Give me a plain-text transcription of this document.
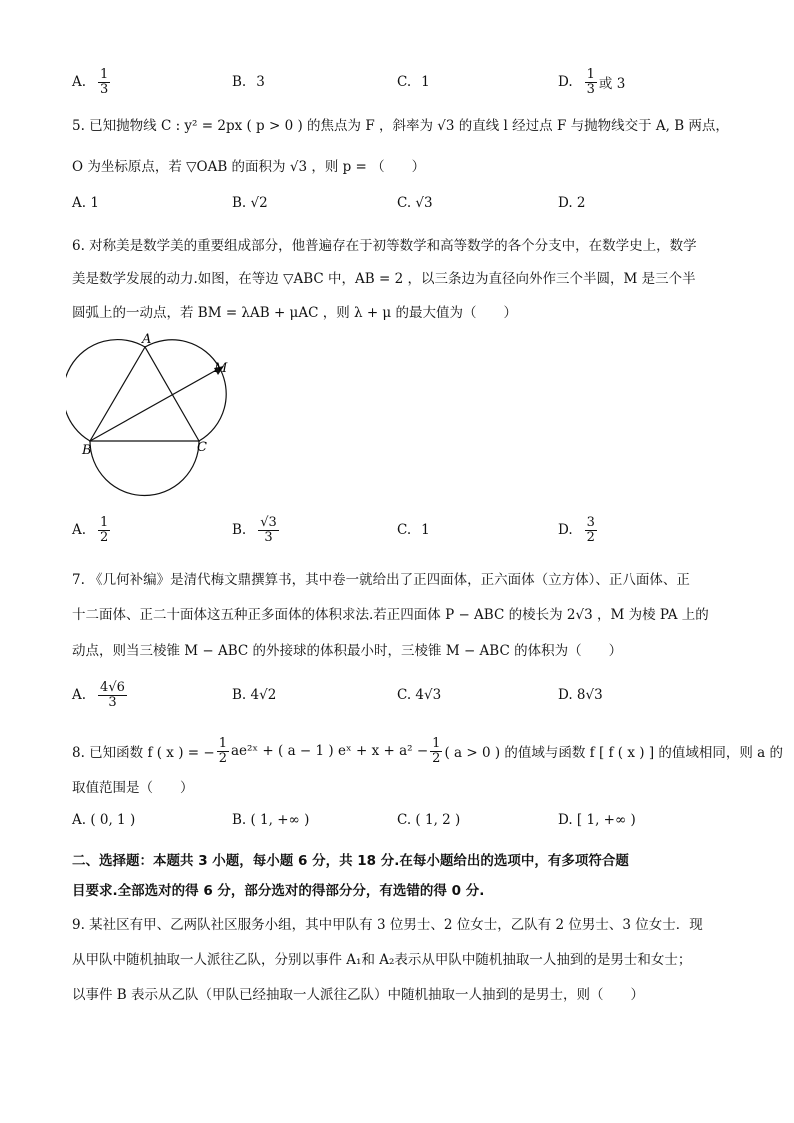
A. $\frac{1}{3}$	B. 3	C. 1	D. $\frac{1}{3}$ 或 3
5. 已知抛物线 C : y² = 2px ( p > 0 ) 的焦点为 F ，斜率为 √3 的直线 l 经过点 F 与抛物线交于 A, B 两点，
O 为坐标原点，若 ▽OAB 的面积为 √3 ，则 p = （　　）
A. 1	B. √2	C. √3	D. 2
6. 对称美是数学美的重要组成部分，他普遍存在于初等数学和高等数学的各个分支中，在数学史上，数学
美是数学发展的动力.如图，在等边 ▽ABC 中，AB = 2 ，以三条边为直径向外作三个半圆，M 是三个半
圆弧上的一动点，若 BM = λAB + μAC ，则 λ + μ 的最大值为（　　）
A
B	C
M
A. $\frac{1}{2}$	B. $\frac{√3}{3}$	C. 1	D. $\frac{3}{2}$
7. 《几何补编》是清代梅文鼎撰算书，其中卷一就给出了正四面体，正六面体（立方体）、正八面体、正
十二面体、正二十面体这五种正多面体的体积求法.若正四面体 P − ABC 的棱长为 2√3 ，M 为棱 PA 上的
动点，则当三棱锥 M − ABC 的外接球的体积最小时，三棱锥 M − ABC 的体积为（　　）
A. $\frac{4√6}{3}$	B. 4√2	C. 4√3	D. 8√3
8. 已知函数 f ( x ) = − $\frac{1}{2}$ ae²ˣ + ( a − 1 ) eˣ + $x + a^2 - \frac{1}{2}$ ( a > 0 ) 的值域与函数 f [ f ( x ) ] 的值域相同，则 a 的
取值范围是（　　）
A. ( 0, 1 )	B. ( 1, +∞ )	C. ( 1, 2 )	D. [ 1, +∞ )
二、选择题：本题共 3 小题，每小题 6 分，共 18 分.在每小题给出的选项中，有多项符合题
目要求.全部选对的得 6 分，部分选对的得部分分，有选错的得 0 分.
9. 某社区有甲、乙两队社区服务小组，其中甲队有 3 位男士、2 位女士，乙队有 2 位男士、3 位女士．现
从甲队中随机抽取一人派往乙队，分别以事件 A₁和 A₂表示从甲队中随机抽取一人抽到的是男士和女士；
以事件 B 表示从乙队（甲队已经抽取一人派往乙队）中随机抽取一人抽到的是男士，则（　　）
